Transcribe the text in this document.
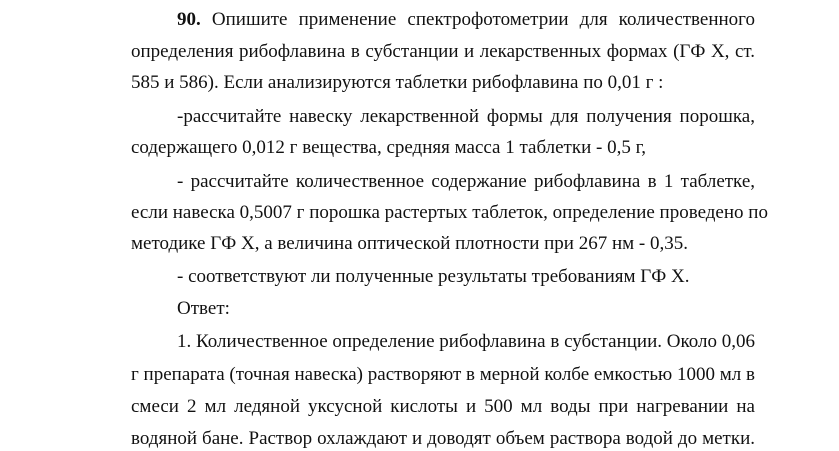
90. Опишите применение спектрофотометрии для количественного
определения рибофлавина в субстанции и лекарственных формах (ГФ X, ст.
585 и 586). Если анализируются таблетки рибофлавина по 0,01 г :
-рассчитайте навеску лекарственной формы для получения порошка,
содержащего 0,012 г вещества, средняя масса 1 таблетки - 0,5 г,
- рассчитайте количественное содержание рибофлавина в 1 таблетке,
если навеска 0,5007 г порошка растертых таблеток, определение проведено по
методике ГФ X, а величина оптической плотности при 267 нм - 0,35.
- соответствуют ли полученные результаты требованиям ГФ X.
Ответ:
1. Количественное определение рибофлавина в субстанции. Около 0,06
г препарата (точная навеска) растворяют в мерной колбе емкостью 1000 мл в
смеси 2 мл ледяной уксусной кислоты и 500 мл воды при нагревании на
водяной бане. Раствор охлаждают и доводят объем раствора водой до метки.
